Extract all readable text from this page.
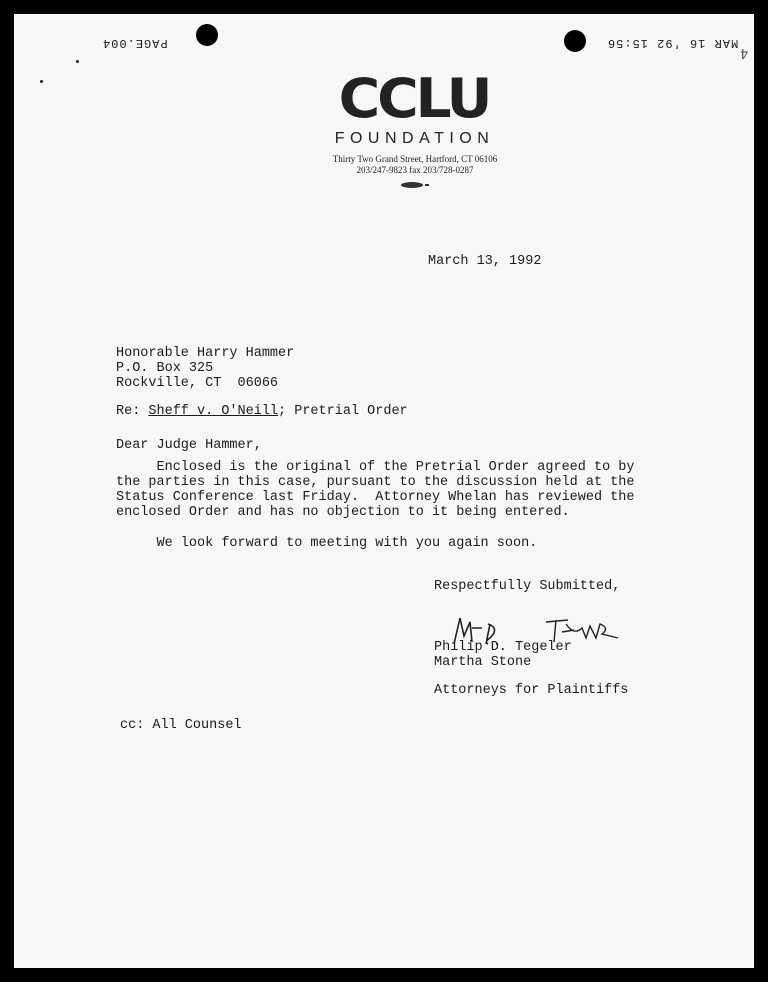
PAGE.004	MAR 16 '92 15:56
4
CCLU
FOUNDATION
Thirty Two Grand Street, Hartford, CT 06106
203/247-9823 fax 203/728-0287
March 13, 1992
Honorable Harry Hammer
P.O. Box 325
Rockville, CT  06066
Re: Sheff v. O'Neill; Pretrial Order
Dear Judge Hammer,
Enclosed is the original of the Pretrial Order agreed to by
the parties in this case, pursuant to the discussion held at the
Status Conference last Friday.  Attorney Whelan has reviewed the
enclosed Order and has no objection to it being entered.
We look forward to meeting with you again soon.
Respectfully Submitted,
Philip D. Tegeler
Martha Stone
Attorneys for Plaintiffs
cc: All Counsel
